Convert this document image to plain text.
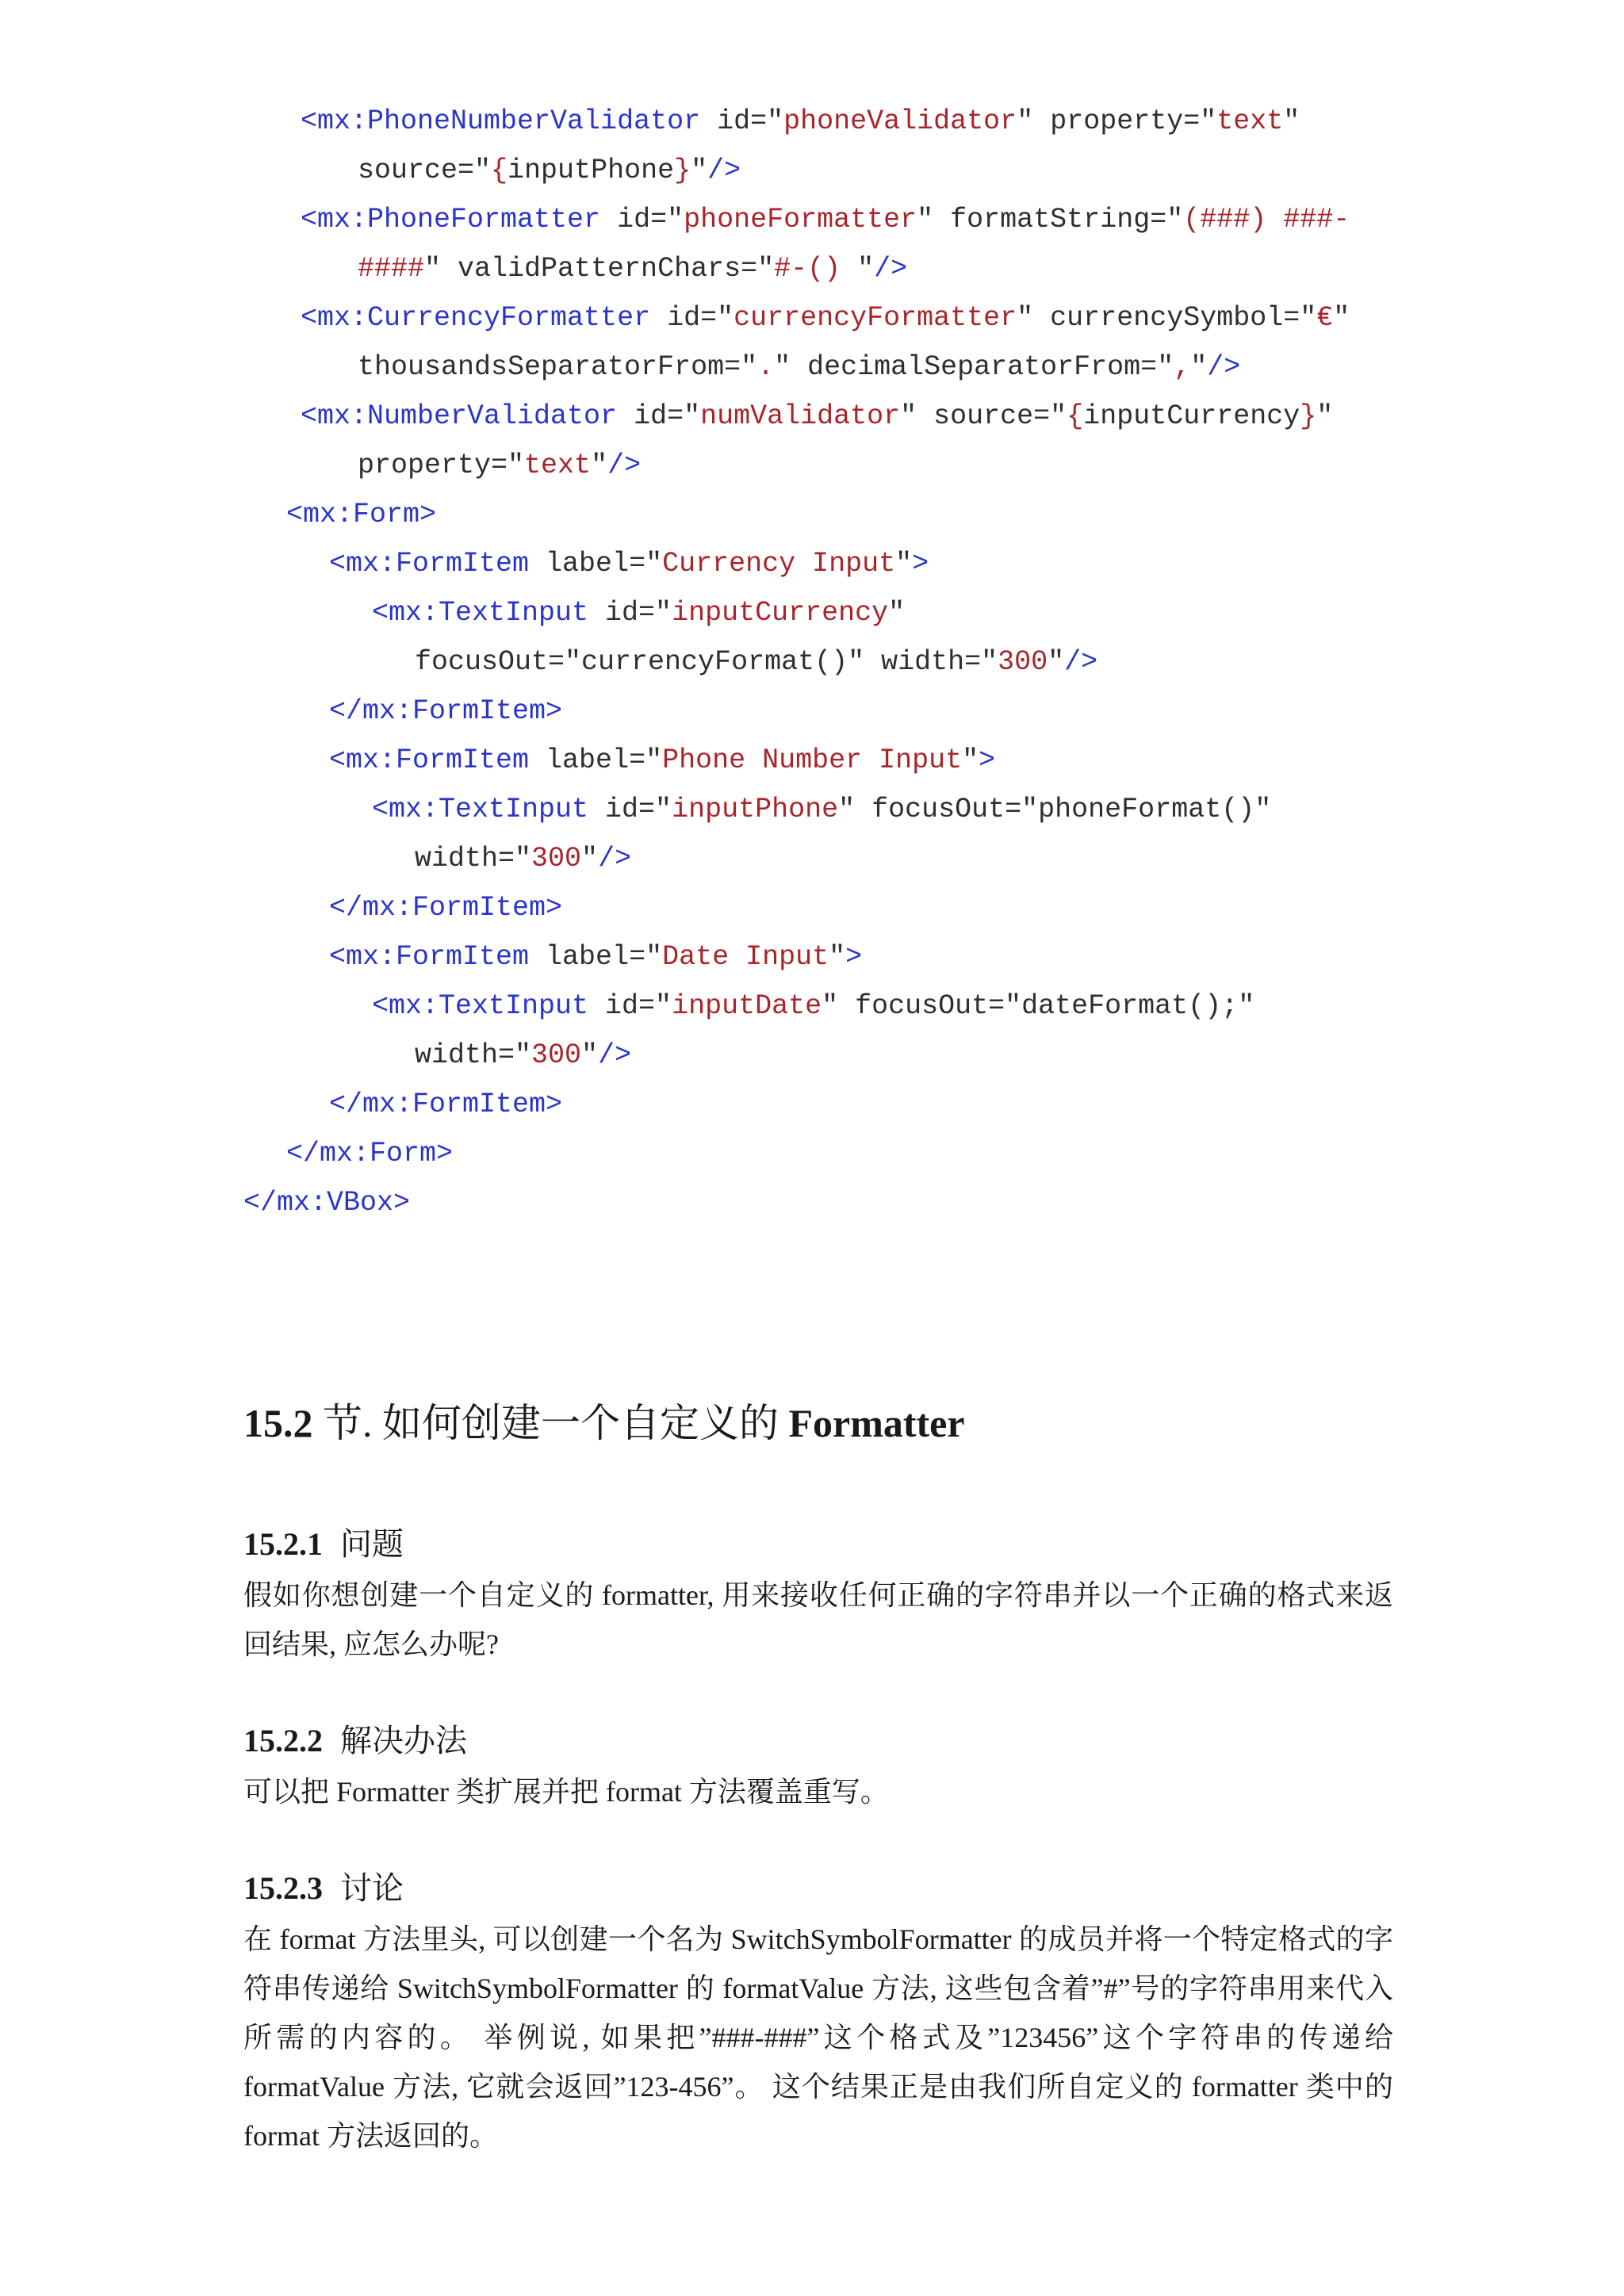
<mx:PhoneNumberValidator id="phoneValidator" property="text"

source="{inputPhone}"/>

<mx:PhoneFormatter id="phoneFormatter" formatString="(###) ###-

####" validPatternChars="#-() "/>

<mx:CurrencyFormatter id="currencyFormatter" currencySymbol="€"

thousandsSeparatorFrom="." decimalSeparatorFrom=","/>

<mx:NumberValidator id="numValidator" source="{inputCurrency}"

property="text"/>

<mx:Form>

<mx:FormItem label="Currency Input">

<mx:TextInput id="inputCurrency"

focusOut="currencyFormat()" width="300"/>

</mx:FormItem>

<mx:FormItem label="Phone Number Input">

<mx:TextInput id="inputPhone" focusOut="phoneFormat()"

width="300"/>

</mx:FormItem>

<mx:FormItem label="Date Input">

<mx:TextInput id="inputDate" focusOut="dateFormat();"

width="300"/>

</mx:FormItem>

</mx:Form>

</mx:VBox>

15.2 节. 如何创建一个自定义的 Formatter
15.2.1 问题
假如你想创建一个自定义的 formatter, 用来接收任何正确的字符串并以一个正确的格式来返回结果, 应怎么办呢?
15.2.2 解决办法
可以把 Formatter 类扩展并把 format 方法覆盖重写。
15.2.3 讨论
在 format 方法里头, 可以创建一个名为 SwitchSymbolFormatter 的成员并将一个特定格式的字符串传递给 SwitchSymbolFormatter 的 formatValue 方法, 这些包含着”#”号的字符串用来代入所需的内容的。 举例说, 如果把”###-###”这个格式及”123456”这个字符串的传递给 formatValue 方法, 它就会返回”123-456”。 这个结果正是由我们所自定义的 formatter 类中的 format 方法返回的。
